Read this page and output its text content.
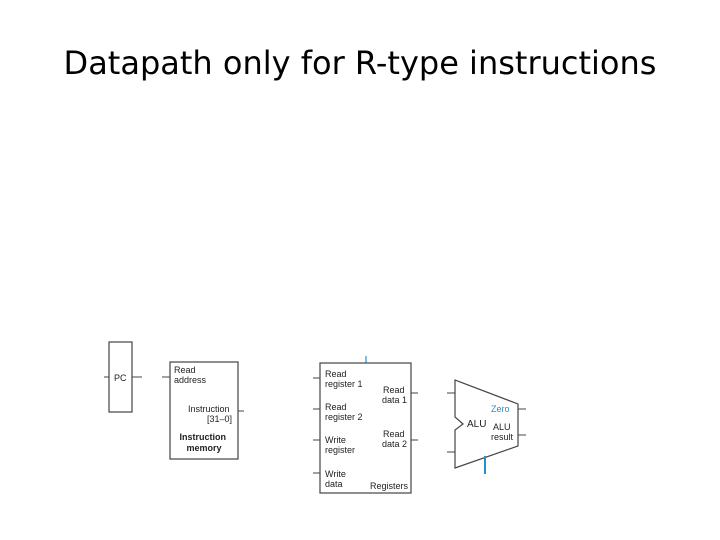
Datapath only for R-type instructions
PC
Read address
Instruction [31–0]
Instruction memory
Read register 1
Read register 2
Write register
Write data
Read data 1
Read data 2
Registers
ALU
Zero
ALU result
